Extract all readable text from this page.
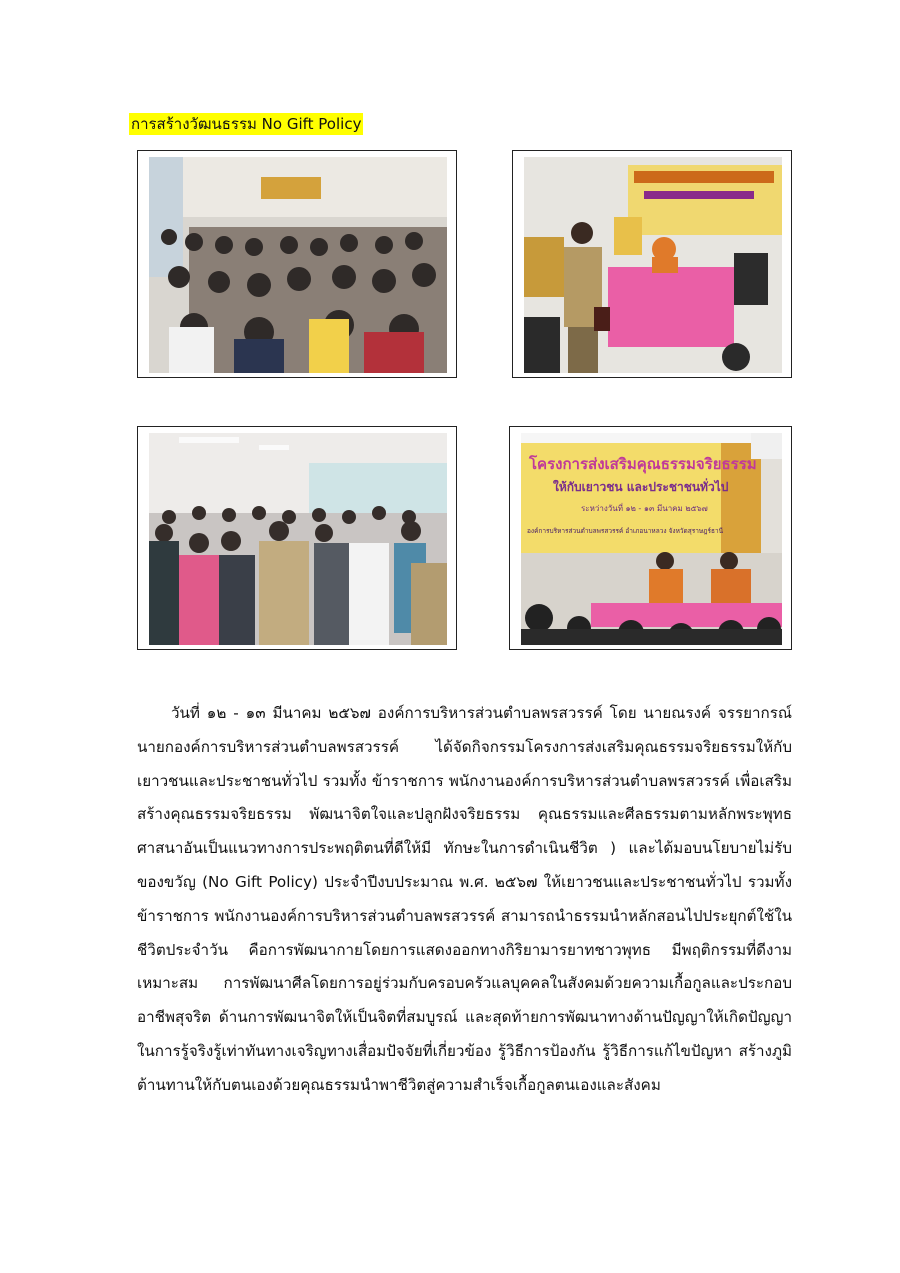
การสร้างวัฒนธรรม No Gift Policy
โครงการส่งเสริมคุณธรรมจริยธรรม
ให้กับเยาวชน และประชาชนทั่วไป
ระหว่างวันที่ ๑๒ - ๑๓ มีนาคม ๒๕๖๗
องค์การบริหารส่วนตำบลพรสวรรค์ อำเภอนาหลวง จังหวัดสุราษฎร์ธานี

วันที่ ๑๒ - ๑๓ มีนาคม ๒๕๖๗ องค์การบริหารส่วนตำบลพรสวรรค์ โดย นายณรงค์ จรรยากรณ์ นายกองค์การบริหารส่วนตำบลพรสวรรค์ ได้จัดกิจกรรมโครงการส่งเสริมคุณธรรมจริยธรรมให้กับเยาวชนและประชาชนทั่วไป รวมทั้ง ข้าราชการ พนักงานองค์การบริหารส่วนตำบลพรสวรรค์ เพื่อเสริมสร้างคุณธรรมจริยธรรม พัฒนาจิตใจและปลูกฝังจริยธรรม คุณธรรมและศีลธรรมตามหลักพระพุทธศาสนาอันเป็นแนวทางการประพฤติตนที่ดีให้มี ทักษะในการดำเนินชีวิต ) และได้มอบนโยบายไม่รับของขวัญ (No Gift Policy) ประจำปีงบประมาณ พ.ศ. ๒๕๖๗ ให้เยาวชนและประชาชนทั่วไป รวมทั้ง ข้าราชการ พนักงานองค์การบริหารส่วนตำบลพรสวรรค์ สามารถนำธรรมนำหลักสอนไปประยุกต์ใช้ในชีวิตประจำวัน คือการพัฒนากายโดยการแสดงออกทางกิริยามารยาทชาวพุทธ มีพฤติกรรมที่ดีงามเหมาะสม การพัฒนาศีลโดยการอยู่ร่วมกับครอบครัวแลบุคคลในสังคมด้วยความเกื้อกูลและประกอบอาชีพสุจริต ด้านการพัฒนาจิตให้เป็นจิตที่สมบูรณ์ และสุดท้ายการพัฒนาทางด้านปัญญาให้เกิดปัญญาในการรู้จริงรู้เท่าทันทางเจริญทางเสื่อมปัจจัยที่เกี่ยวข้อง รู้วิธีการป้องกัน รู้วิธีการแก้ไขปัญหา สร้างภูมิต้านทานให้กับตนเองด้วยคุณธรรมนำพาชีวิตสู่ความสำเร็จเกื้อกูลตนเองและสังคม
